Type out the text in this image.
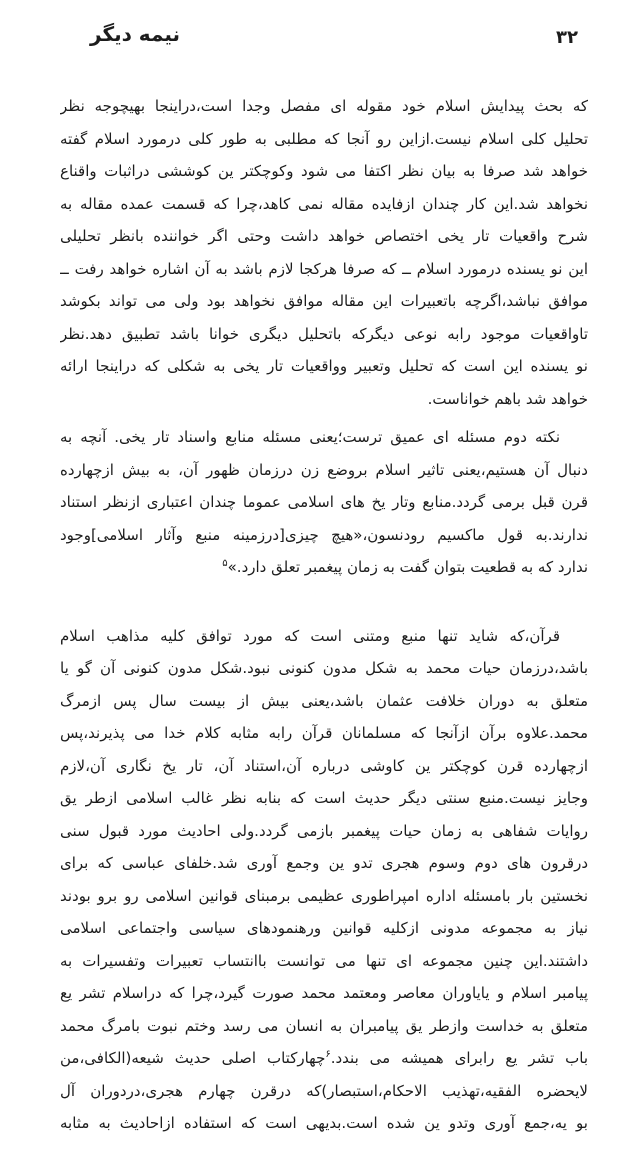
نیمه دیگر	۳۲
که بحث پیدایش اسلام خود مقوله ای مفصل وجدا است،دراینجا بهیچوجه نظر
تحلیل کلی اسلام نیست.ازاین رو آنجا که مطلبی به طور کلی درمورد اسلام گفته
خواهد شد صرفا به بیان نظر اکتفا می شود وکوچکتر ین کوششی دراثبات واقناع
نخواهد شد.این کار چندان ازفایده مقاله نمی کاهد،چرا که قسمت عمده مقاله به
شرح واقعیات تار یخی اختصاص خواهد داشت وحتی اگر خواننده بانظر تحلیلی
این نو یسنده درمورد اسلام ــ که صرفا هرکجا لازم باشد به آن اشاره خواهد رفت ــ
موافق نباشد،اگرچه باتعبیرات این مقاله موافق نخواهد بود ولی می تواند بکوشد
تاواقعیات موجود رابه نوعی دیگرکه باتحلیل دیگری خوانا باشد تطبیق دهد.نظر
نو یسنده این است که تحلیل وتعبیر وواقعیات تار یخی به شکلی که دراینجا ارائه
خواهد شد باهم خواناست.
نکته دوم مسئله ای عمیق ترست؛یعنی مسئله منابع واسناد تار یخی. آنچه به
دنبال آن هستیم،یعنی تاثیر اسلام بروضع زن درزمان ظهور آن، به بیش ازچهارده
قرن قبل برمی گردد.منابع وتار یخ های اسلامی عموما چندان اعتباری ازنظر استناد
ندارند.به قول ماکسیم رودنسون،«هیچ چیزی[درزمینه منبع وآثار اسلامی]وجود
ندارد که به قطعیت بتوان گفت به زمان پیغمبر تعلق دارد.»$^۵$
قرآن،که شاید تنها منبع ومتنی است که مورد توافق کلیه مذاهب اسلام
باشد،درزمان حیات محمد به شکل مدون کنونی نبود.شکل مدون کنونی آن گو یا
متعلق به دوران خلافت عثمان باشد،یعنی بیش از بیست سال پس ازمرگ
محمد.علاوه برآن ازآنجا که مسلمانان قرآن رابه مثابه کلام خدا می پذیرند،پس
ازچهارده قرن کوچکتر ین کاوشی درباره آن،استناد آن، تار یخ نگاری آن،لازم
وجایز نیست.منبع سنتی دیگر حدیث است که بنابه نظر غالب اسلامی ازطر یق
روایات شفاهی به زمان حیات پیغمبر بازمی گردد.ولی احادیث مورد قبول سنی
درقرون های دوم وسوم هجری تدو ین وجمع آوری شد.خلفای عباسی که برای
نخستین بار بامسئله اداره امپراطوری عظیمی برمبنای قوانین اسلامی رو برو بودند
نیاز به مجموعه مدونی ازکلیه قوانین ورهنمودهای سیاسی واجتماعی اسلامی
داشتند.این چنین مجموعه ای تنها می توانست باانتساب تعبیرات وتفسیرات به
پیامبر اسلام و یایاوران معاصر ومعتمد محمد صورت گیرد،چرا که دراسلام تشر یع
متعلق به خداست وازطر یق پیامبران به انسان می رسد وختم نبوت بامرگ محمد
باب تشر یع رابرای همیشه می بندد.$^۶$چهارکتاب اصلی حدیث شیعه(الکافی،من
لایحضره الفقیه،تهذیب الاحکام،استبصار)که درقرن چهارم هجری،دردوران آل
بو یه،جمع آوری وتدو ین شده است.بدیهی است که استفاده ازاحادیث به مثابه
